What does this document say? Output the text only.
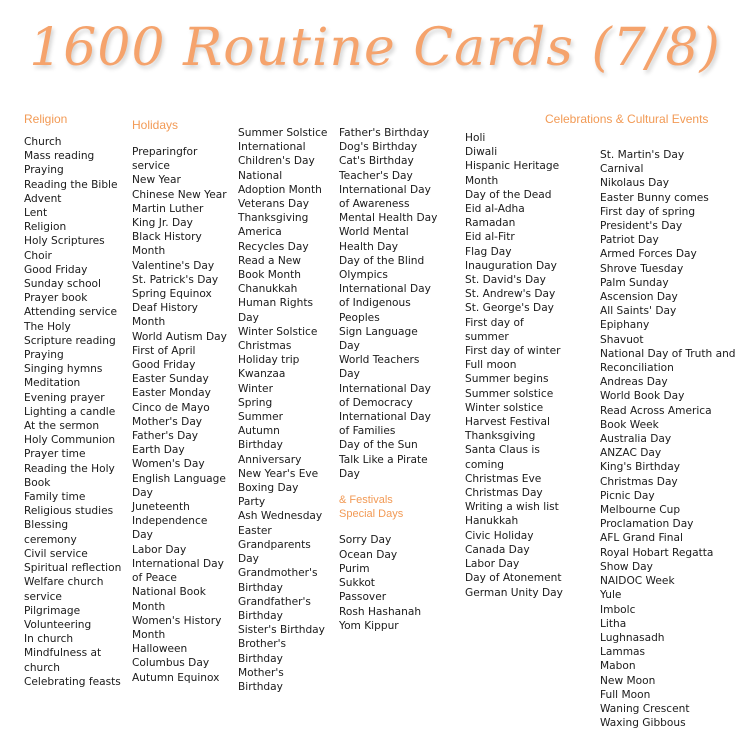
1600 Routine Cards (7/8)
Religion	Holidays	Celebrations & Cultural Events
Church
Mass reading
Praying
Reading the Bible
Advent
Lent
Religion
Holy Scriptures
Choir
Good Friday
Sunday school
Prayer book
Attending service
The Holy
Scripture reading
Praying
Singing hymns
Meditation
Evening prayer
Lighting a candle
At the sermon
Holy Communion
Prayer time
Reading the Holy Book
Family time
Religious studies
Blessing ceremony
Civil service
Spiritual reflection
Welfare church service
Pilgrimage
Volunteering
In church
Mindfulness at church
Celebrating feasts
Preparingfor service
New Year
Chinese New Year
Martin Luther King Jr. Day
Black History Month
Valentine's Day
St. Patrick's Day
Spring Equinox
Deaf History Month
World Autism Day
First of April
Good Friday
Easter Sunday
Easter Monday
Cinco de Mayo
Mother's Day
Father's Day
Earth Day
Women's Day
English Language Day
Juneteenth
Independence Day
Labor Day
International Day of Peace
National Book Month
Women's History Month
Halloween
Columbus Day
Autumn Equinox
Summer Solstice
International Children's Day
National Adoption Month
Veterans Day
Thanksgiving
America Recycles Day
Read a New Book Month
Chanukkah
Human Rights Day
Winter Solstice
Christmas
Holiday trip
Kwanzaa
Winter
Spring
Summer
Autumn
Birthday
Anniversary
New Year's Eve
Boxing Day
Party
Ash Wednesday
Easter
Grandparents Day
Grandmother's Birthday
Grandfather's Birthday
Sister's Birthday
Brother's Birthday
Mother's Birthday
Father's Birthday
Dog's Birthday
Cat's Birthday
Teacher's Day
International Day of Awareness
Mental Health Day
World Mental Health Day
Day of the Blind
Olympics
International Day of Indigenous Peoples
Sign Language Day
World Teachers Day
International Day of Democracy
International Day of Families
Day of the Sun
Talk Like a Pirate Day
& Festivals
Special Days
Sorry Day
Ocean Day
Purim
Sukkot
Passover
Rosh Hashanah
Yom Kippur
Holi
Diwali
Hispanic Heritage Month
Day of the Dead
Eid al-Adha
Ramadan
Eid al-Fitr
Flag Day
Inauguration Day
St. David's Day
St. Andrew's Day
St. George's Day
First day of summer
First day of winter
Full moon
Summer begins
Summer solstice
Winter solstice
Harvest Festival
Thanksgiving
Santa Claus is coming
Christmas Eve
Christmas Day
Writing a wish list
Hanukkah
Civic Holiday
Canada Day
Labor Day
Day of Atonement
German Unity Day
St. Martin's Day
Carnival
Nikolaus Day
Easter Bunny comes
First day of spring
President's Day
Patriot Day
Armed Forces Day
Shrove Tuesday
Palm Sunday
Ascension Day
All Saints' Day
Epiphany
Shavuot
National Day of Truth and Reconciliation
Andreas Day
World Book Day
Read Across America
Book Week
Australia Day
ANZAC Day
King's Birthday
Christmas Day
Picnic Day
Melbourne Cup
Proclamation Day
AFL Grand Final
Royal Hobart Regatta
Show Day
NAIDOC Week
Yule
Imbolc
Litha
Lughnasadh
Lammas
Mabon
New Moon
Full Moon
Waning Crescent
Waxing Gibbous
